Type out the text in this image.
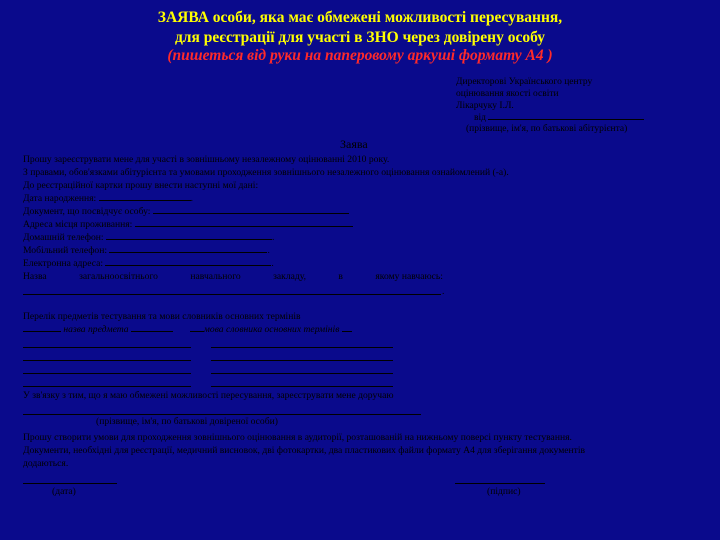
ЗАЯВА особи, яка має обмежені можливості пересування,
для реєстрації для участі в ЗНО через довірену особу
(пишеться від руки на паперовому аркуші формату А4 )
Директорові Українського центру
оцінювання якості освіти
Лікарчуку І.Л.
від
(прізвище, ім'я, по батькові абітурієнта)
Заява
Прошу зареєструвати мене для участі в зовнішньому незалежному оцінюванні 2010 року.
З правами, обов'язками абітурієнта та умовами проходження зовнішнього незалежного оцінювання ознайомлений (-а).
До реєстраційної картки прошу внести наступні мої дані:
Дата народження:	.
Документ, що посвідчує особу:
Адреса місця проживання:
Домашній телефон:	.
Мобільний телефон:	.
Електронна адреса:	.
Назва	загальноосвітнього	навчального	закладу,	в	якому навчаюсь:
.
Перелік предметів тестування та мови словників основних термінів
назва предмета	мова словника основних термінів
У зв'язку з тим, що я маю обмежені можливості пересування, зареєструвати мене доручаю
(прізвище, ім'я, по батькові довіреної особи)
Прошу створити умови для проходження зовнішнього оцінювання в аудиторії, розташованій на нижньому поверсі пункту тестування.
Документи, необхідні для реєстрації, медичний висновок, дві фотокартки, два пластикових файли формату А4 для зберігання документів
додаються.
(дата)	(підпис)
